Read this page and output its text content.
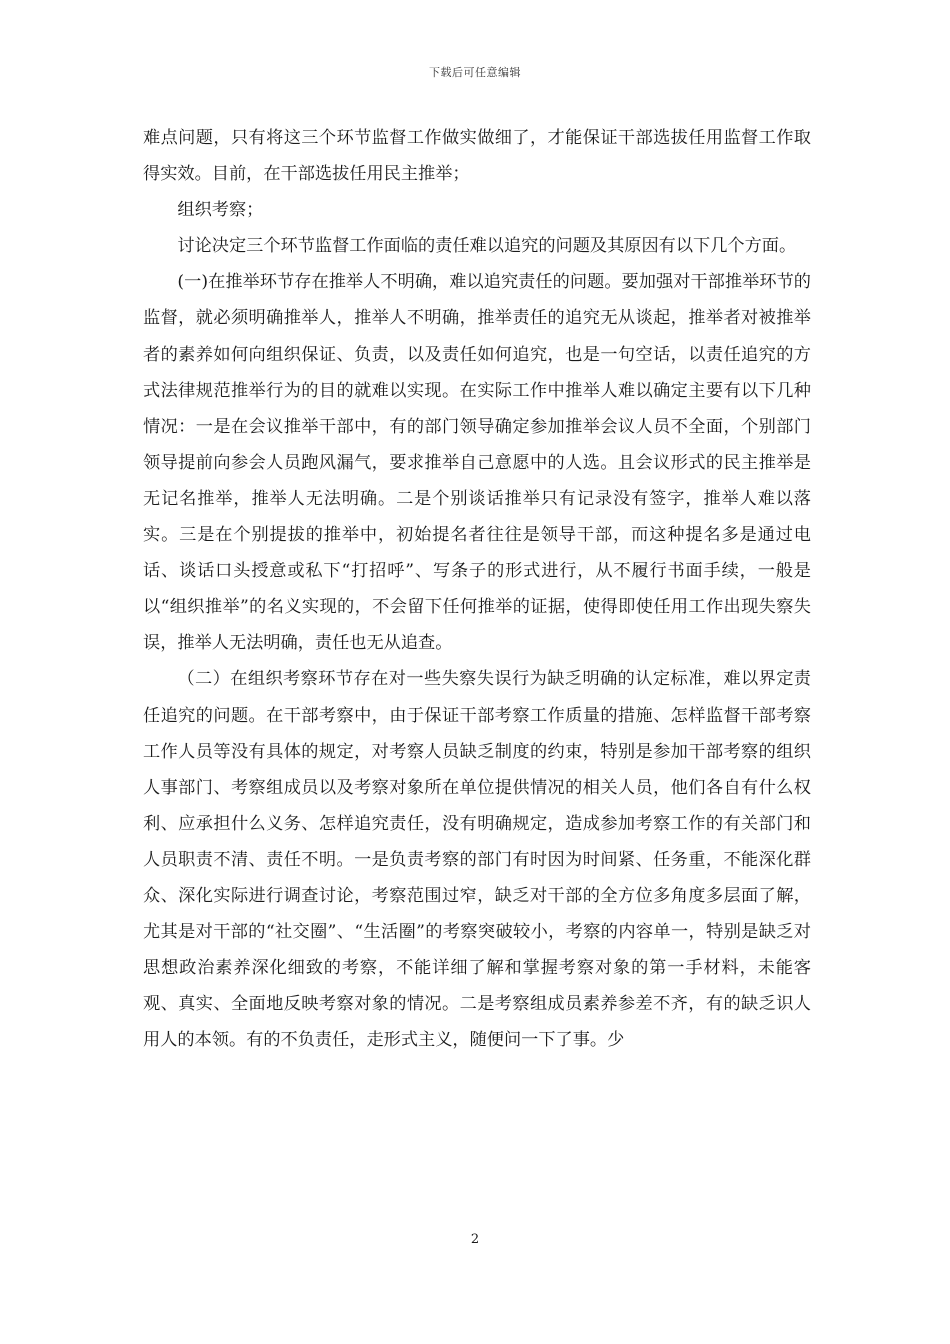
下载后可任意编辑

难点问题，只有将这三个环节监督工作做实做细了，才能保证干部选拔任用监督工作取得实效。目前，在干部选拔任用民主推举；

组织考察；

讨论决定三个环节监督工作面临的责任难以追究的问题及其原因有以下几个方面。

(一)在推举环节存在推举人不明确，难以追究责任的问题。要加强对干部推举环节的监督，就必须明确推举人，推举人不明确，推举责任的追究无从谈起，推举者对被推举者的素养如何向组织保证、负责，以及责任如何追究，也是一句空话，以责任追究的方式法律规范推举行为的目的就难以实现。在实际工作中推举人难以确定主要有以下几种情况：一是在会议推举干部中，有的部门领导确定参加推举会议人员不全面，个别部门领导提前向参会人员跑风漏气，要求推举自己意愿中的人选。且会议形式的民主推举是无记名推举，推举人无法明确。二是个别谈话推举只有记录没有签字，推举人难以落实。三是在个别提拔的推举中，初始提名者往往是领导干部，而这种提名多是通过电话、谈话口头授意或私下“打招呼”、写条子的形式进行，从不履行书面手续，一般是以“组织推举”的名义实现的，不会留下任何推举的证据，使得即使任用工作出现失察失误，推举人无法明确，责任也无从追查。

（二）在组织考察环节存在对一些失察失误行为缺乏明确的认定标准，难以界定责任追究的问题。在干部考察中，由于保证干部考察工作质量的措施、怎样监督干部考察工作人员等没有具体的规定，对考察人员缺乏制度的约束，特别是参加干部考察的组织人事部门、考察组成员以及考察对象所在单位提供情况的相关人员，他们各自有什么权利、应承担什么义务、怎样追究责任，没有明确规定，造成参加考察工作的有关部门和人员职责不清、责任不明。一是负责考察的部门有时因为时间紧、任务重，不能深化群众、深化实际进行调查讨论，考察范围过窄，缺乏对干部的全方位多角度多层面了解，尤其是对干部的“社交圈”、“生活圈”的考察突破较小，考察的内容单一，特别是缺乏对思想政治素养深化细致的考察，不能详细了解和掌握考察对象的第一手材料，未能客观、真实、全面地反映考察对象的情况。二是考察组成员素养参差不齐，有的缺乏识人用人的本领。有的不负责任，走形式主义，随便问一下了事。少

2
